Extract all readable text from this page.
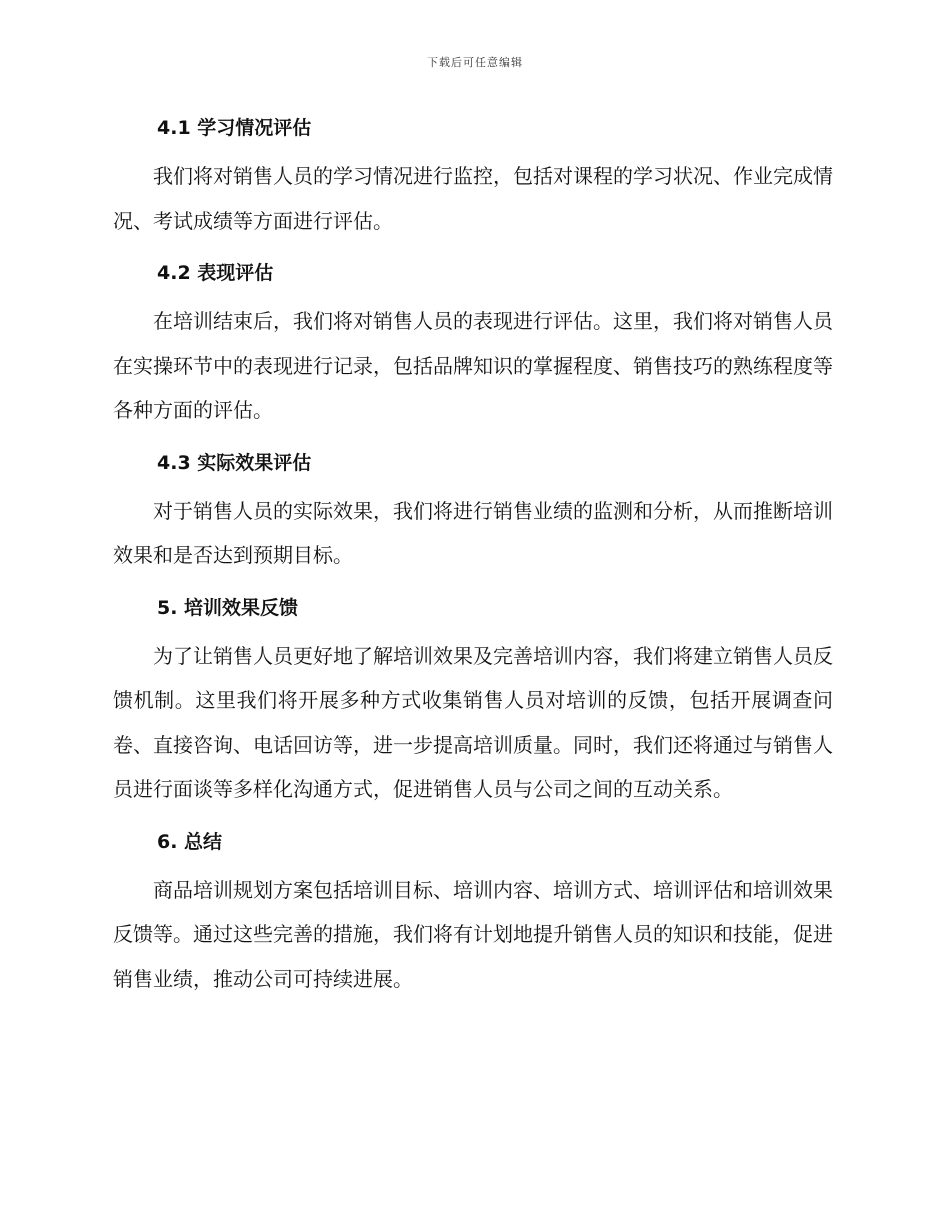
下载后可任意编辑
4.1 学习情况评估

我们将对销售人员的学习情况进行监控，包括对课程的学习状况、作业完成情况、考试成绩等方面进行评估。

4.2 表现评估

在培训结束后，我们将对销售人员的表现进行评估。这里，我们将对销售人员在实操环节中的表现进行记录，包括品牌知识的掌握程度、销售技巧的熟练程度等各种方面的评估。

4.3 实际效果评估

对于销售人员的实际效果，我们将进行销售业绩的监测和分析，从而推断培训效果和是否达到预期目标。

5. 培训效果反馈

为了让销售人员更好地了解培训效果及完善培训内容，我们将建立销售人员反馈机制。这里我们将开展多种方式收集销售人员对培训的反馈，包括开展调查问卷、直接咨询、电话回访等，进一步提高培训质量。同时，我们还将通过与销售人员进行面谈等多样化沟通方式，促进销售人员与公司之间的互动关系。

6. 总结

商品培训规划方案包括培训目标、培训内容、培训方式、培训评估和培训效果反馈等。通过这些完善的措施，我们将有计划地提升销售人员的知识和技能，促进销售业绩，推动公司可持续进展。
